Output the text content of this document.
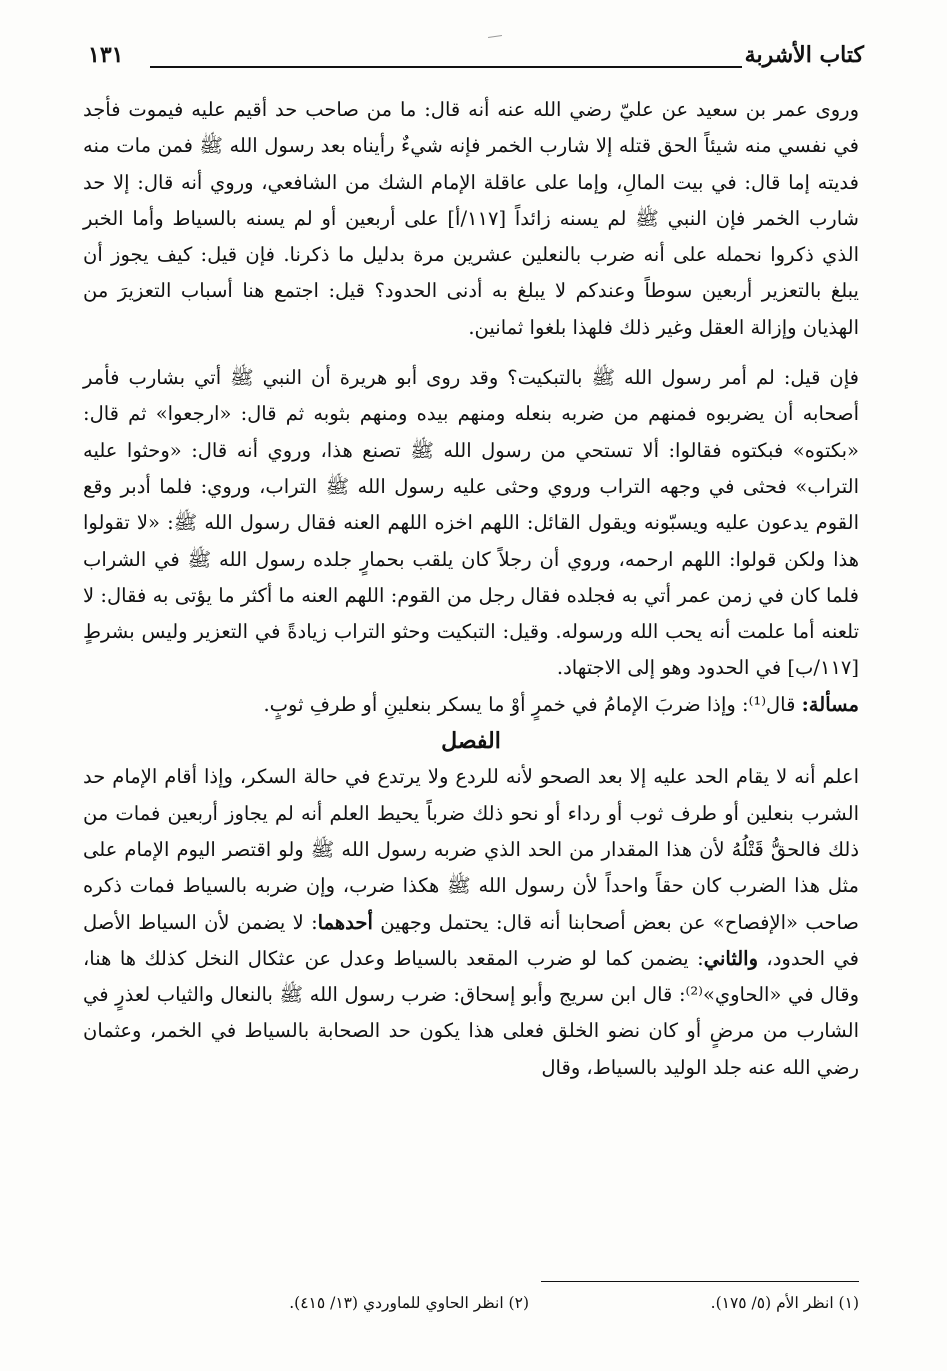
كتاب الأشربة
١٣١

وروى عمر بن سعيد عن عليّ رضي الله عنه أنه قال: ما من صاحب حد أقيم عليه فيموت فأجد في نفسي منه شيئاً الحق قتله إلا شارب الخمر فإنه شيءٌ رأيناه بعد رسول الله ﷺ فمن مات منه فديته إما قال: في بيت المالِ، وإما على عاقلة الإمام الشك من الشافعي، وروي أنه قال: إلا حد شارب الخمر فإن النبي ﷺ لم يسنه زائداً [١١٧/أ] على أربعين أو لم يسنه بالسياط وأما الخبر الذي ذكروا نحمله على أنه ضرب بالنعلين عشرين مرة بدليل ما ذكرنا. فإن قيل: كيف يجوز أن يبلغ بالتعزير أربعين سوطاً وعندكم لا يبلغ به أدنى الحدود؟ قيل: اجتمع هنا أسباب التعزيرَ من الهذيان وإزالة العقل وغير ذلك فلهذا بلغوا ثمانين.

فإن قيل: لم أمر رسول الله ﷺ بالتبكيت؟ وقد روى أبو هريرة أن النبي ﷺ أتي بشارب فأمر أصحابه أن يضربوه فمنهم من ضربه بنعله ومنهم بيده ومنهم بثوبه ثم قال: «ارجعوا» ثم قال: «بكتوه» فبكتوه فقالوا: ألا تستحي من رسول الله ﷺ تصنع هذا، وروي أنه قال: «وحثوا عليه التراب» فحثى في وجهه التراب وروي وحثى عليه رسول الله ﷺ التراب، وروي: فلما أدبر وقع القوم يدعون عليه ويسبّونه ويقول القائل: اللهم اخزه اللهم العنه فقال رسول الله ﷺ: «لا تقولوا هذا ولكن قولوا: اللهم ارحمه، وروي أن رجلاً كان يلقب بحمارٍ جلده رسول الله ﷺ في الشراب فلما كان في زمن عمر أتي به فجلده فقال رجل من القوم: اللهم العنه ما أكثر ما يؤتى به فقال: لا تلعنه أما علمت أنه يحب الله ورسوله. وقيل: التبكيت وحثو التراب زيادةً في التعزير وليس بشرطٍ [١١٧/ب] في الحدود وهو إلى الاجتهاد.

مسألة: قال⁽¹⁾: وإذا ضربَ الإمامُ في خمرٍ أوْ ما يسكر بنعلينِ أو طرفِ ثوبٍ.

الفصل

اعلم أنه لا يقام الحد عليه إلا بعد الصحو لأنه للردع ولا يرتدع في حالة السكر، وإذا أقام الإمام حد الشرب بنعلين أو طرف ثوب أو رداء أو نحو ذلك ضرباً يحيط العلم أنه لم يجاوز أربعين فمات من ذلك فالحقُّ قَتْلُهُ لأن هذا المقدار من الحد الذي ضربه رسول الله ﷺ ولو اقتصر اليوم الإمام على مثل هذا الضرب كان حقاً واحداً لأن رسول الله ﷺ هكذا ضرب، وإن ضربه بالسياط فمات ذكره صاحب «الإفصاح» عن بعض أصحابنا أنه قال: يحتمل وجهين أحدهما: لا يضمن لأن السياط الأصل في الحدود، والثاني: يضمن كما لو ضرب المقعد بالسياط وعدل عن عثكال النخل كذلك ها هنا، وقال في «الحاوي»⁽²⁾: قال ابن سريج وأبو إسحاق: ضرب رسول الله ﷺ بالنعال والثياب لعذرٍ في الشارب من مرضٍ أو كان نضو الخلق فعلى هذا يكون حد الصحابة بالسياط في الخمر، وعثمان رضي الله عنه جلد الوليد بالسياط، وقال

(١) انظر الأم (٥/ ١٧٥).
(٢) انظر الحاوي للماوردي (١٣/ ٤١٥).
